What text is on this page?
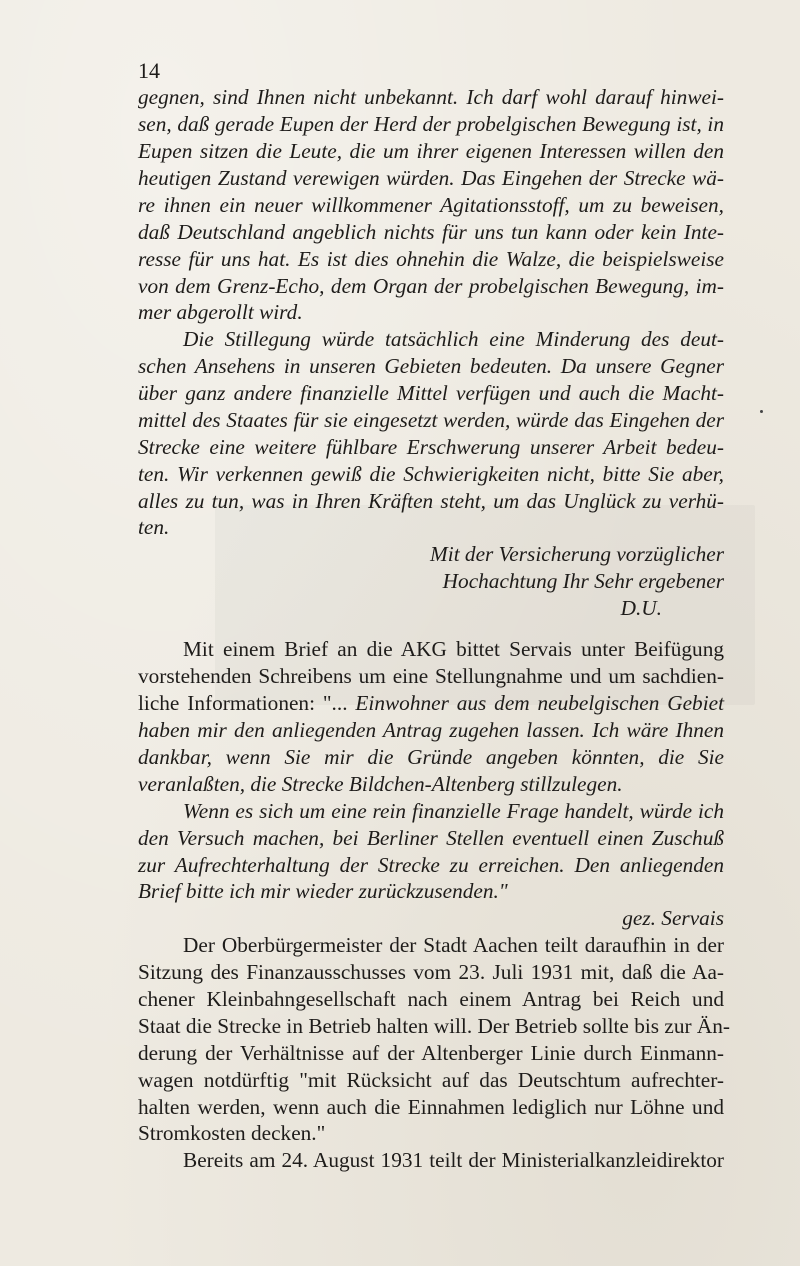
14
gegnen, sind Ihnen nicht unbekannt. Ich darf wohl darauf hinwei-
sen, daß gerade Eupen der Herd der probelgischen Bewegung ist, in
Eupen sitzen die Leute, die um ihrer eigenen Interessen willen den
heutigen Zustand verewigen würden. Das Eingehen der Strecke wä-
re ihnen ein neuer willkommener Agitationsstoff, um zu beweisen,
daß Deutschland angeblich nichts für uns tun kann oder kein Inte-
resse für uns hat. Es ist dies ohnehin die Walze, die beispielsweise
von dem Grenz-Echo, dem Organ der probelgischen Bewegung, im-
mer abgerollt wird.
Die Stillegung würde tatsächlich eine Minderung des deut-
schen Ansehens in unseren Gebieten bedeuten. Da unsere Gegner
über ganz andere finanzielle Mittel verfügen und auch die Macht-
mittel des Staates für sie eingesetzt werden, würde das Eingehen der
Strecke eine weitere fühlbare Erschwerung unserer Arbeit bedeu-
ten. Wir verkennen gewiß die Schwierigkeiten nicht, bitte Sie aber,
alles zu tun, was in Ihren Kräften steht, um das Unglück zu verhü-
ten.
Mit der Versicherung vorzüglicher
Hochachtung Ihr Sehr ergebener
D.U.
Mit einem Brief an die AKG bittet Servais unter Beifügung
vorstehenden Schreibens um eine Stellungnahme und um sachdien-
liche Informationen: "... Einwohner aus dem neubelgischen Gebiet
haben mir den anliegenden Antrag zugehen lassen. Ich wäre Ihnen
dankbar, wenn Sie mir die Gründe angeben könnten, die Sie
veranlaßten, die Strecke Bildchen-Altenberg stillzulegen.
Wenn es sich um eine rein finanzielle Frage handelt, würde ich
den Versuch machen, bei Berliner Stellen eventuell einen Zuschuß
zur Aufrechterhaltung der Strecke zu erreichen. Den anliegenden
Brief bitte ich mir wieder zurückzusenden."
gez. Servais
Der Oberbürgermeister der Stadt Aachen teilt daraufhin in der
Sitzung des Finanzausschusses vom 23. Juli 1931 mit, daß die Aa-
chener Kleinbahngesellschaft nach einem Antrag bei Reich und
Staat die Strecke in Betrieb halten will. Der Betrieb sollte bis zur Än-
derung der Verhältnisse auf der Altenberger Linie durch Einmann-
wagen notdürftig "mit Rücksicht auf das Deutschtum aufrechter-
halten werden, wenn auch die Einnahmen lediglich nur Löhne und
Stromkosten decken."
Bereits am 24. August 1931 teilt der Ministerialkanzleidirektor
